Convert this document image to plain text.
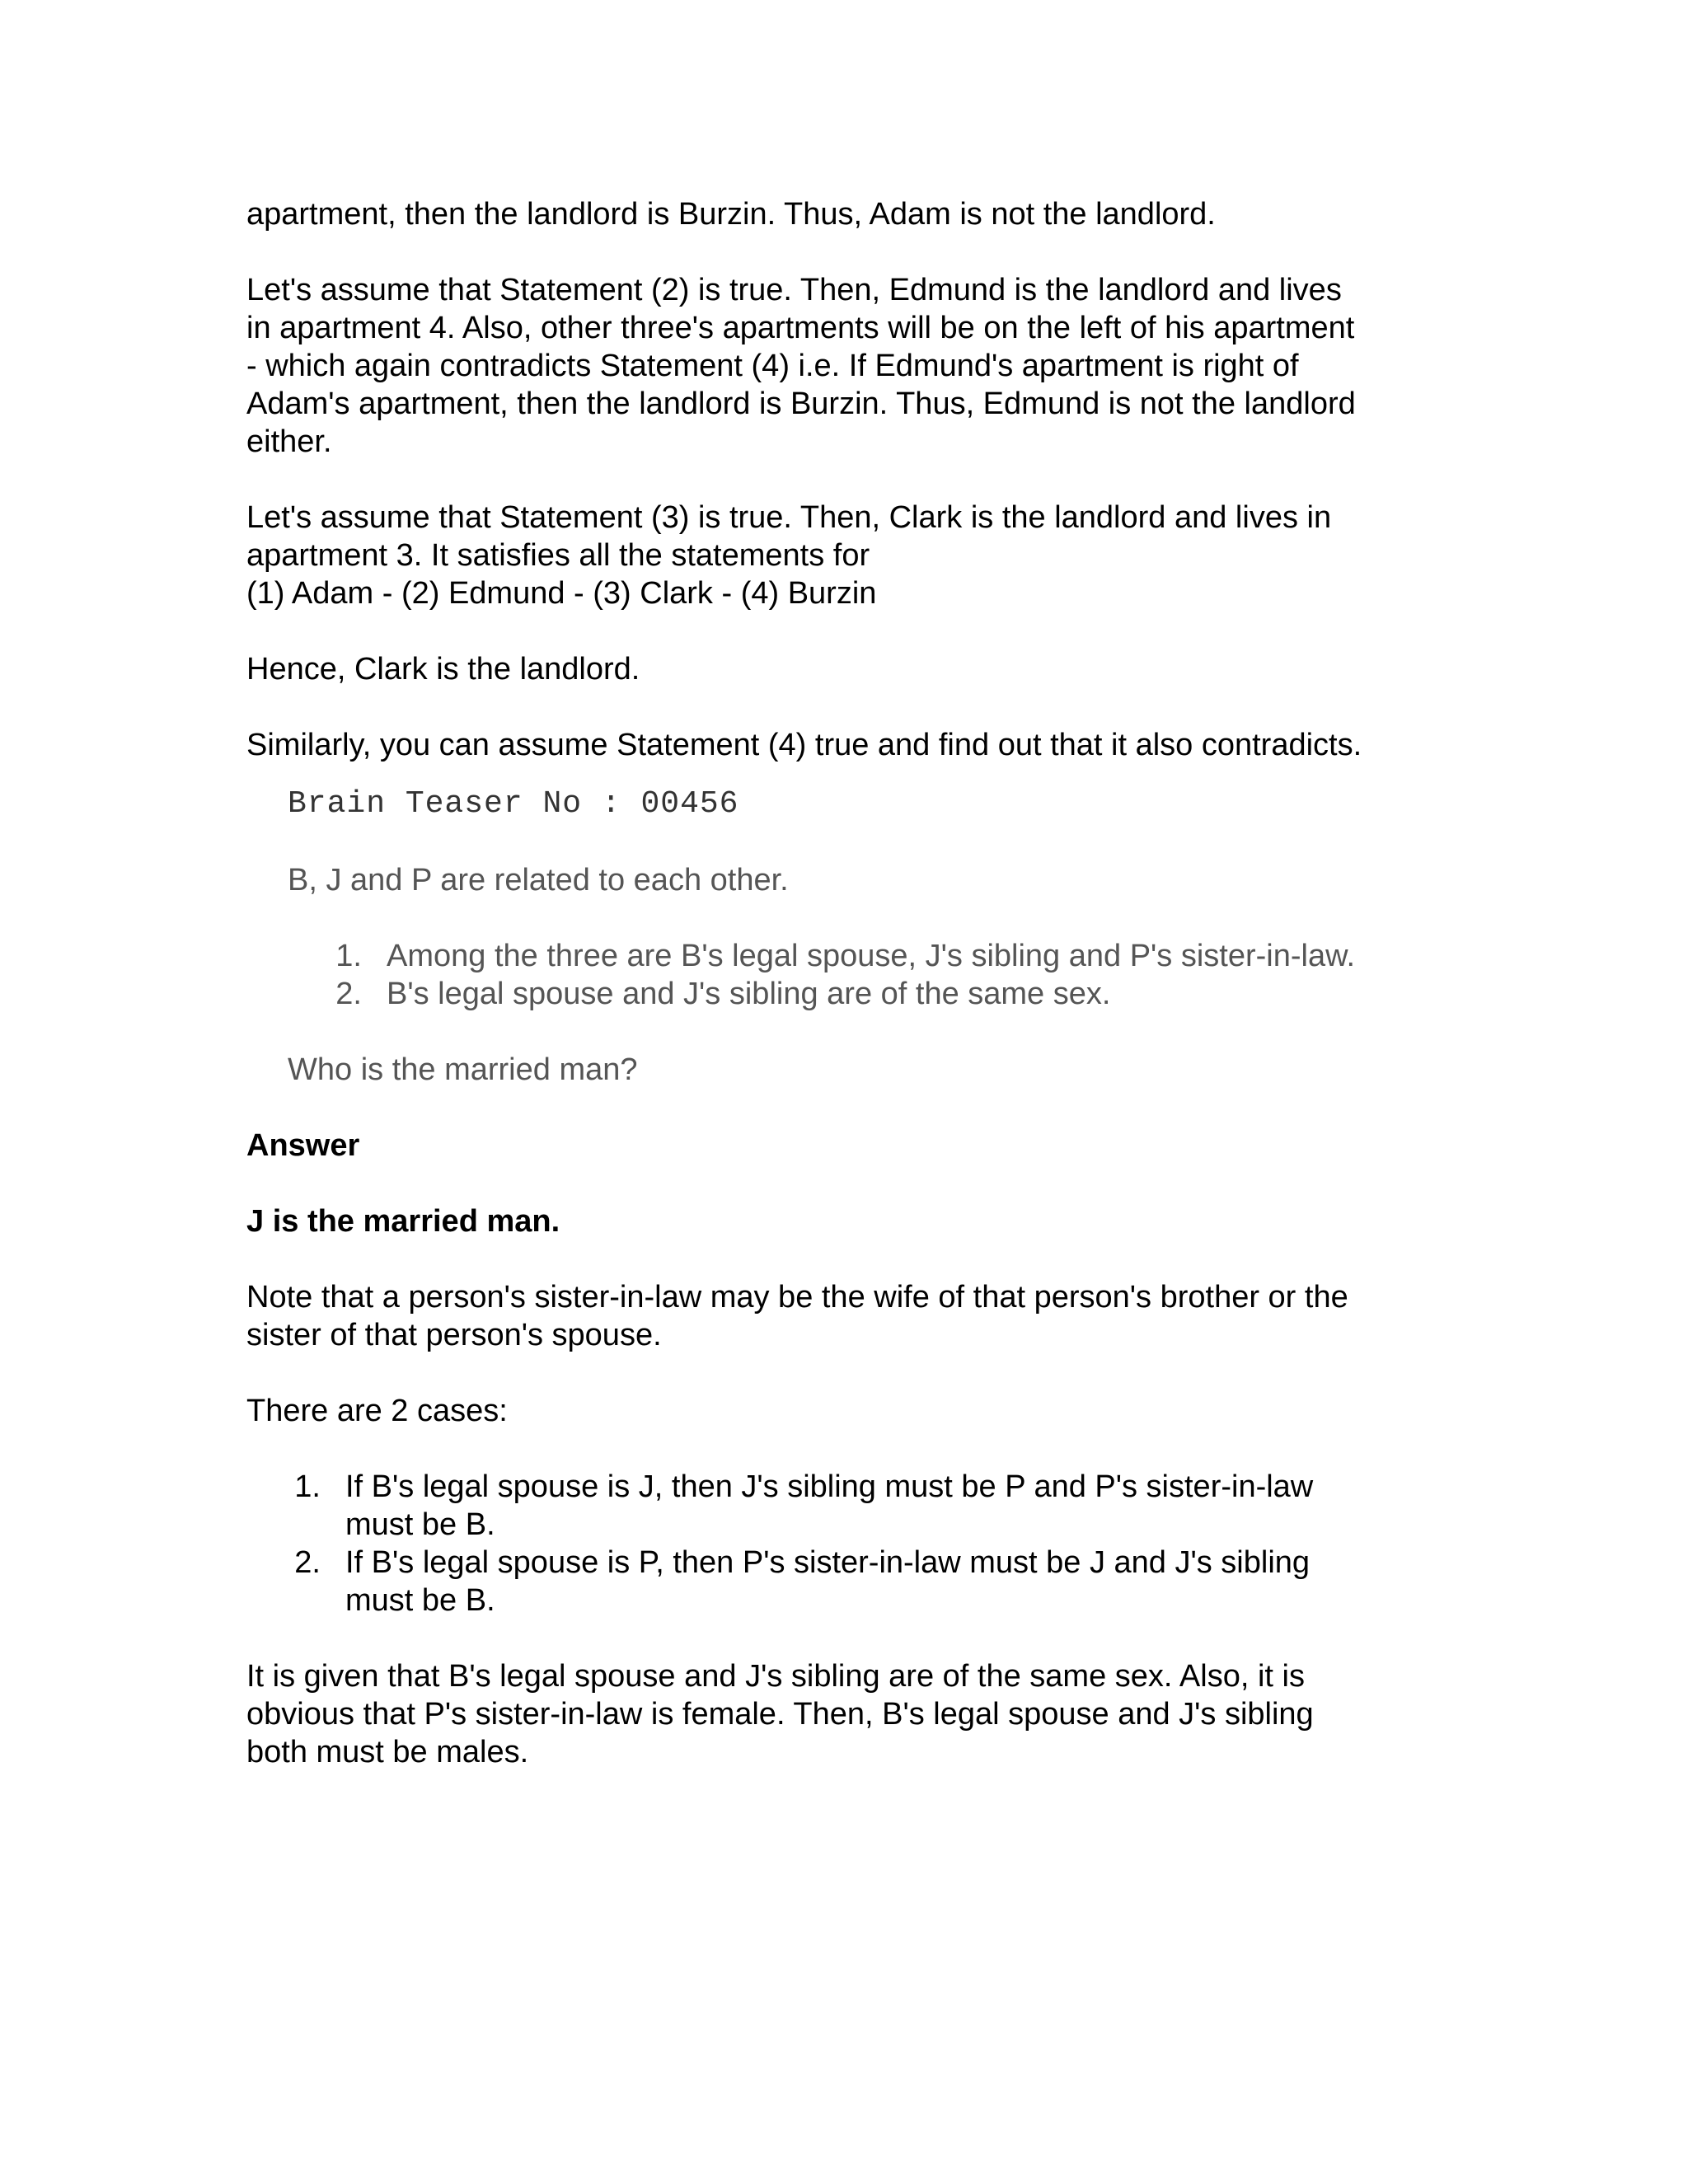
apartment, then the landlord is Burzin. Thus, Adam is not the landlord.

Let's assume that Statement (2) is true. Then, Edmund is the landlord and lives
in apartment 4. Also, other three's apartments will be on the left of his apartment
- which again contradicts Statement (4) i.e. If Edmund's apartment is right of
Adam's apartment, then the landlord is Burzin. Thus, Edmund is not the landlord
either.

Let's assume that Statement (3) is true. Then, Clark is the landlord and lives in
apartment 3. It satisfies all the statements for
(1) Adam - (2) Edmund - (3) Clark - (4) Burzin

Hence, Clark is the landlord.

Similarly, you can assume Statement (4) true and find out that it also contradicts.

Brain Teaser No : 00456

B, J and P are related to each other.

1. Among the three are B's legal spouse, J's sibling and P's sister-in-law.
2. B's legal spouse and J's sibling are of the same sex.

Who is the married man?

Answer

J is the married man.

Note that a person's sister-in-law may be the wife of that person's brother or the
sister of that person's spouse.

There are 2 cases:

1. If B's legal spouse is J, then J's sibling must be P and P's sister-in-law
must be B.
2. If B's legal spouse is P, then P's sister-in-law must be J and J's sibling
must be B.

It is given that B's legal spouse and J's sibling are of the same sex. Also, it is
obvious that P's sister-in-law is female. Then, B's legal spouse and J's sibling
both must be males.
